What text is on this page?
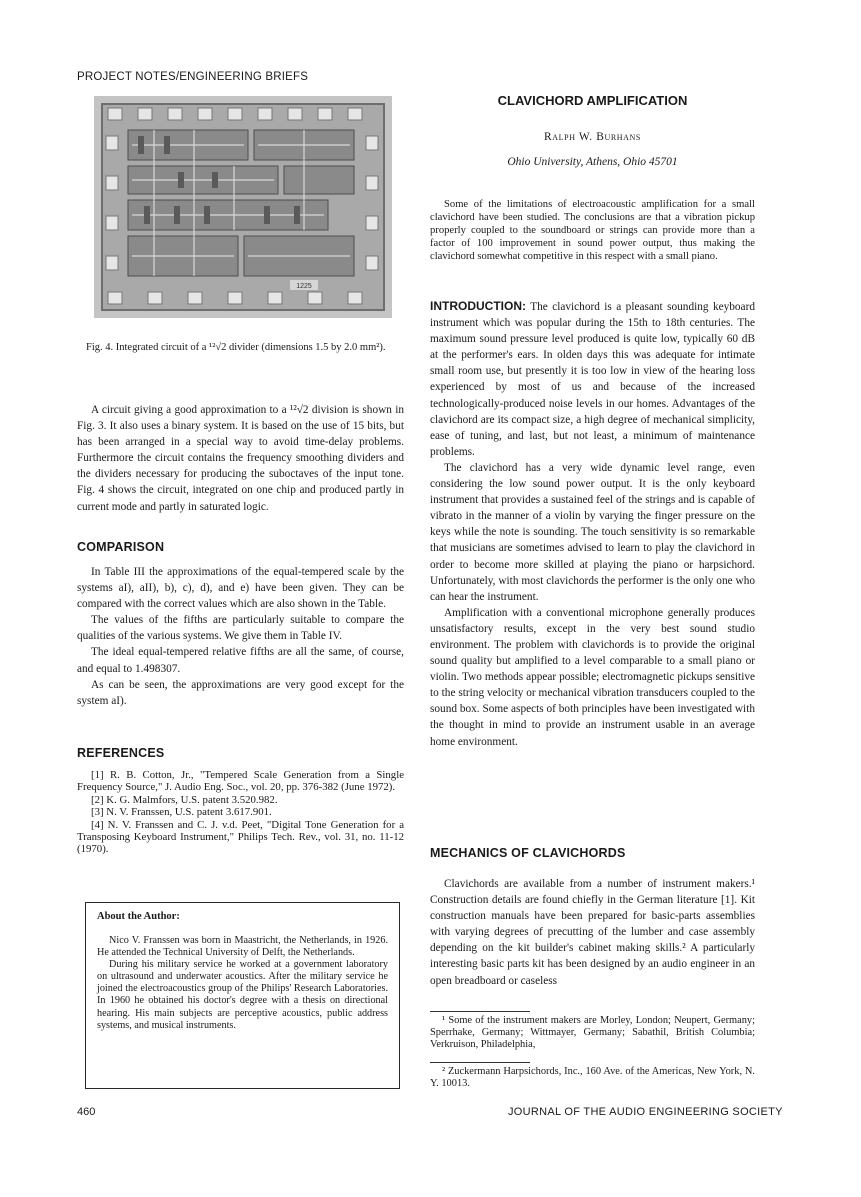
PROJECT NOTES/ENGINEERING BRIEFS
1225
Fig. 4. Integrated circuit of a ¹²√2 divider (dimensions 1.5 by 2.0 mm²).

A circuit giving a good approximation to a ¹²√2 division is shown in Fig. 3. It also uses a binary system. It is based on the use of 15 bits, but has been arranged in a special way to avoid time-delay problems. Furthermore the circuit contains the frequency smoothing dividers and the dividers necessary for producing the suboctaves of the input tone. Fig. 4 shows the circuit, integrated on one chip and produced partly in current mode and partly in saturated logic.

COMPARISON

In Table III the approximations of the equal-tempered scale by the systems aI), aII), b), c), d), and e) have been given. They can be compared with the correct values which are also shown in the Table.

The values of the fifths are particularly suitable to compare the qualities of the various systems. We give them in Table IV.

The ideal equal-tempered relative fifths are all the same, of course, and equal to 1.498307.

As can be seen, the approximations are very good except for the system aI).

REFERENCES

[1] R. B. Cotton, Jr., "Tempered Scale Generation from a Single Frequency Source," J. Audio Eng. Soc., vol. 20, pp. 376-382 (June 1972).

[2] K. G. Malmfors, U.S. patent 3.520.982.

[3] N. V. Franssen, U.S. patent 3.617.901.

[4] N. V. Franssen and C. J. v.d. Peet, "Digital Tone Generation for a Transposing Keyboard Instrument," Philips Tech. Rev., vol. 31, no. 11-12 (1970).

About the Author:

Nico V. Franssen was born in Maastricht, the Netherlands, in 1926. He attended the Technical University of Delft, the Netherlands.

During his military service he worked at a government laboratory on ultrasound and underwater acoustics. After the military service he joined the electroacoustics group of the Philips' Research Laboratories. In 1960 he obtained his doctor's degree with a thesis on directional hearing. His main subjects are perceptive acoustics, public address systems, and musical instruments.

CLAVICHORD AMPLIFICATION
Ralph W. Burhans
Ohio University, Athens, Ohio 45701

Some of the limitations of electroacoustic amplification for a small clavichord have been studied. The conclusions are that a vibration pickup properly coupled to the soundboard or strings can provide more than a factor of 100 improvement in sound power output, thus making the clavichord somewhat competitive in this respect with a small piano.

INTRODUCTION: The clavichord is a pleasant sounding keyboard instrument which was popular during the 15th to 18th centuries. The maximum sound pressure level produced is quite low, typically 60 dB at the performer's ears. In olden days this was adequate for intimate small room use, but presently it is too low in view of the hearing loss experienced by most of us and because of the increased technologically-produced noise levels in our homes. Advantages of the clavichord are its compact size, a high degree of mechanical simplicity, ease of tuning, and last, but not least, a minimum of maintenance problems.

The clavichord has a very wide dynamic level range, even considering the low sound power output. It is the only keyboard instrument that provides a sustained feel of the strings and is capable of vibrato in the manner of a violin by varying the finger pressure on the keys while the note is sounding. The touch sensitivity is so remarkable that musicians are sometimes advised to learn to play the clavichord in order to become more skilled at playing the piano or harpsichord. Unfortunately, with most clavichords the performer is the only one who can hear the instrument.

Amplification with a conventional microphone generally produces unsatisfactory results, except in the very best sound studio environment. The problem with clavichords is to provide the original sound quality but amplified to a level comparable to a small piano or violin. Two methods appear possible; electromagnetic pickups sensitive to the string velocity or mechanical vibration transducers coupled to the sound box. Some aspects of both principles have been investigated with the thought in mind to provide an instrument usable in an average home environment.

MECHANICS OF CLAVICHORDS

Clavichords are available from a number of instrument makers.¹ Construction details are found chiefly in the German literature [1]. Kit construction manuals have been prepared for basic-parts assemblies with varying degrees of precutting of the lumber and case assembly depending on the kit builder's cabinet making skills.² A particularly interesting basic parts kit has been designed by an audio engineer in an open breadboard or caseless

¹ Some of the instrument makers are Morley, London; Neupert, Germany; Sperrhake, Germany; Wittmayer, Germany; Sabathil, British Columbia; Verkruison, Philadelphia,
² Zuckermann Harpsichords, Inc., 160 Ave. of the Americas, New York, N. Y. 10013.
460	JOURNAL OF THE AUDIO ENGINEERING SOCIETY
